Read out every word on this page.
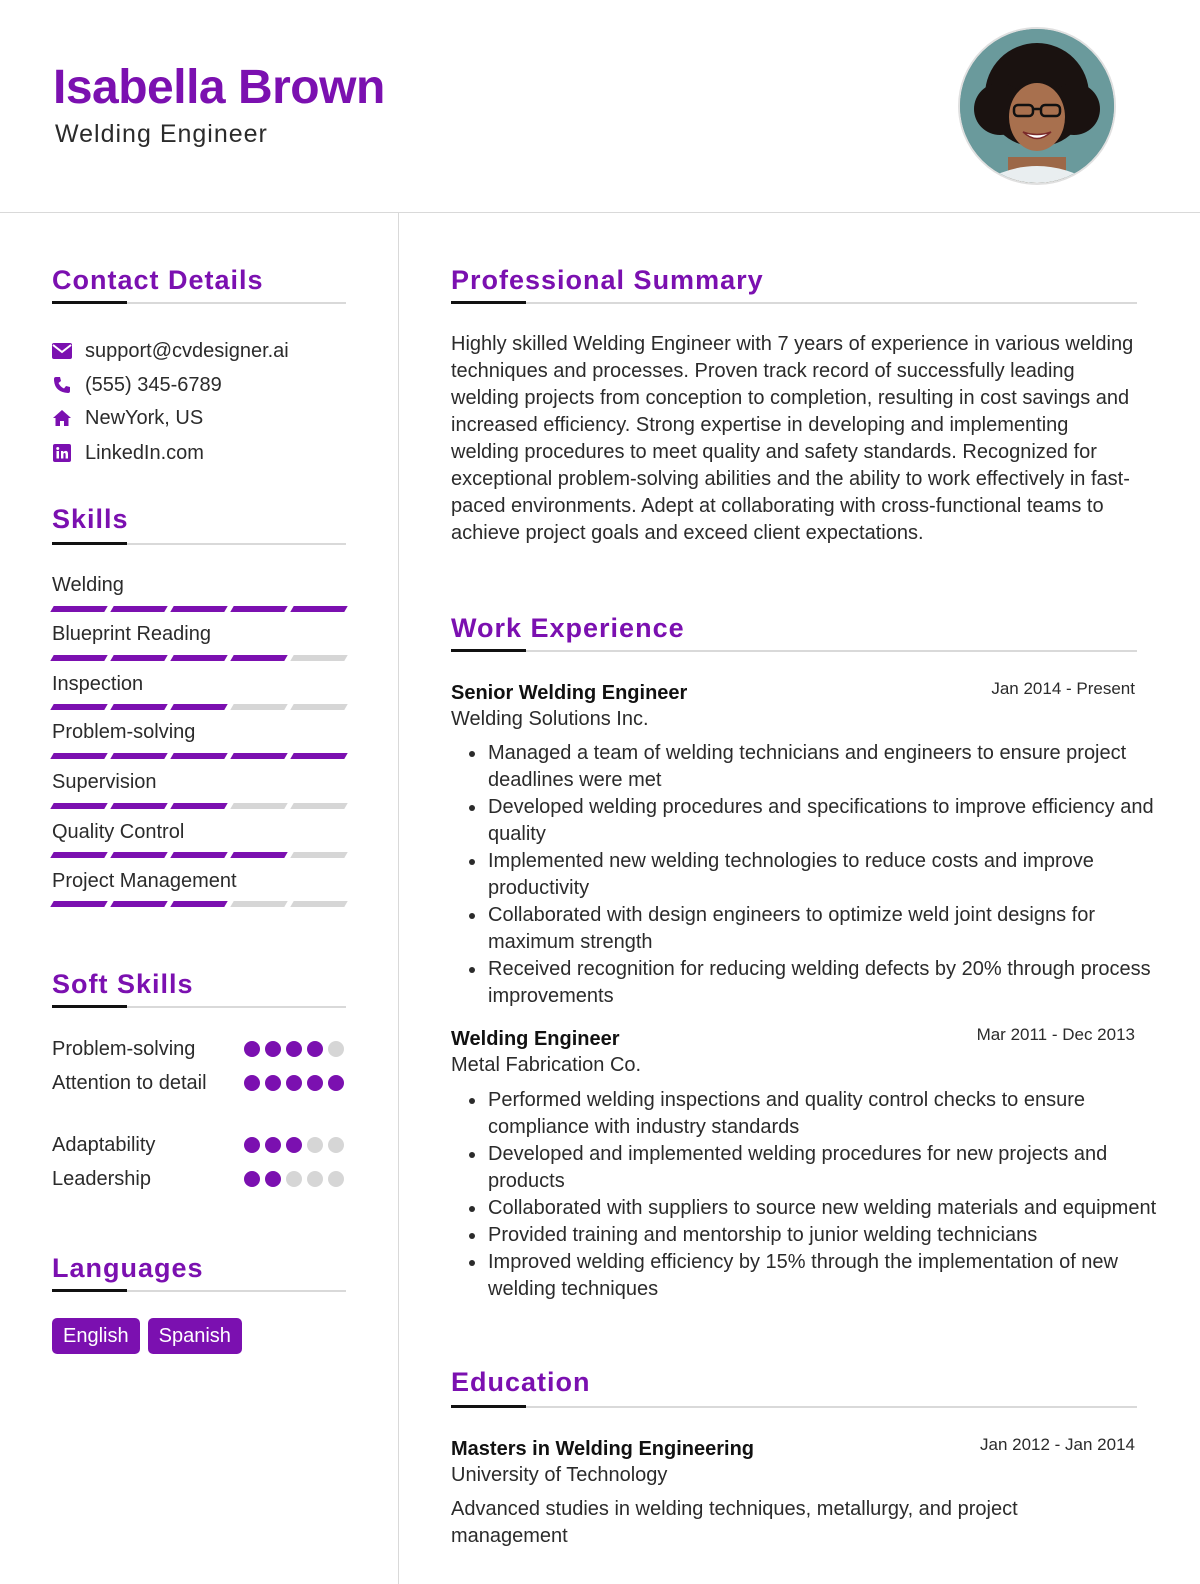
Isabella Brown
Welding Engineer
Contact Details
support@cvdesigner.ai
(555) 345-6789
NewYork, US
LinkedIn.com
Skills
Welding
Blueprint Reading
Inspection
Problem-solving
Supervision
Quality Control
Project Management
Soft Skills
Problem-solving
Attention to detail
Adaptability
Leadership
Languages
English	Spanish
Professional Summary

Highly skilled Welding Engineer with 7 years of experience in various welding techniques and processes. Proven track record of successfully leading welding projects from conception to completion, resulting in cost savings and increased efficiency. Strong expertise in developing and implementing welding procedures to meet quality and safety standards. Recognized for exceptional problem-solving abilities and the ability to work effectively in fast-paced environments. Adept at collaborating with cross-functional teams to achieve project goals and exceed client expectations.

Work Experience
Senior Welding Engineer	Jan 2014 - Present
Welding Solutions Inc.
• Managed a team of welding technicians and engineers to ensure project deadlines were met
• Developed welding procedures and specifications to improve efficiency and quality
• Implemented new welding technologies to reduce costs and improve productivity
• Collaborated with design engineers to optimize weld joint designs for maximum strength
• Received recognition for reducing welding defects by 20% through process improvements
Welding Engineer	Mar 2011 - Dec 2013
Metal Fabrication Co.
• Performed welding inspections and quality control checks to ensure compliance with industry standards
• Developed and implemented welding procedures for new projects and products
• Collaborated with suppliers to source new welding materials and equipment
• Provided training and mentorship to junior welding technicians
• Improved welding efficiency by 15% through the implementation of new welding techniques
Education
Masters in Welding Engineering	Jan 2012 - Jan 2014
University of Technology

Advanced studies in welding techniques, metallurgy, and project management
